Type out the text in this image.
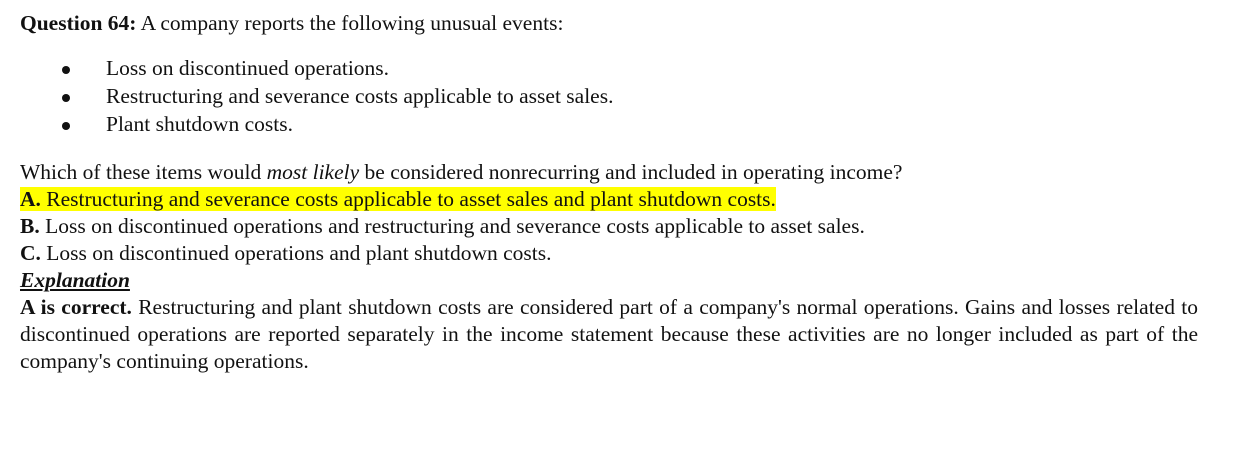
Question 64: A company reports the following unusual events:

Loss on discontinued operations.
Restructuring and severance costs applicable to asset sales.
Plant shutdown costs.

Which of these items would most likely be considered nonrecurring and included in operating income?

A. Restructuring and severance costs applicable to asset sales and plant shutdown costs.

B. Loss on discontinued operations and restructuring and severance costs applicable to asset sales.

C. Loss on discontinued operations and plant shutdown costs.

Explanation

A is correct. Restructuring and plant shutdown costs are considered part of a company's normal operations. Gains and losses related to discontinued operations are reported separately in the income statement because these activities are no longer included as part of the company's continuing operations.
